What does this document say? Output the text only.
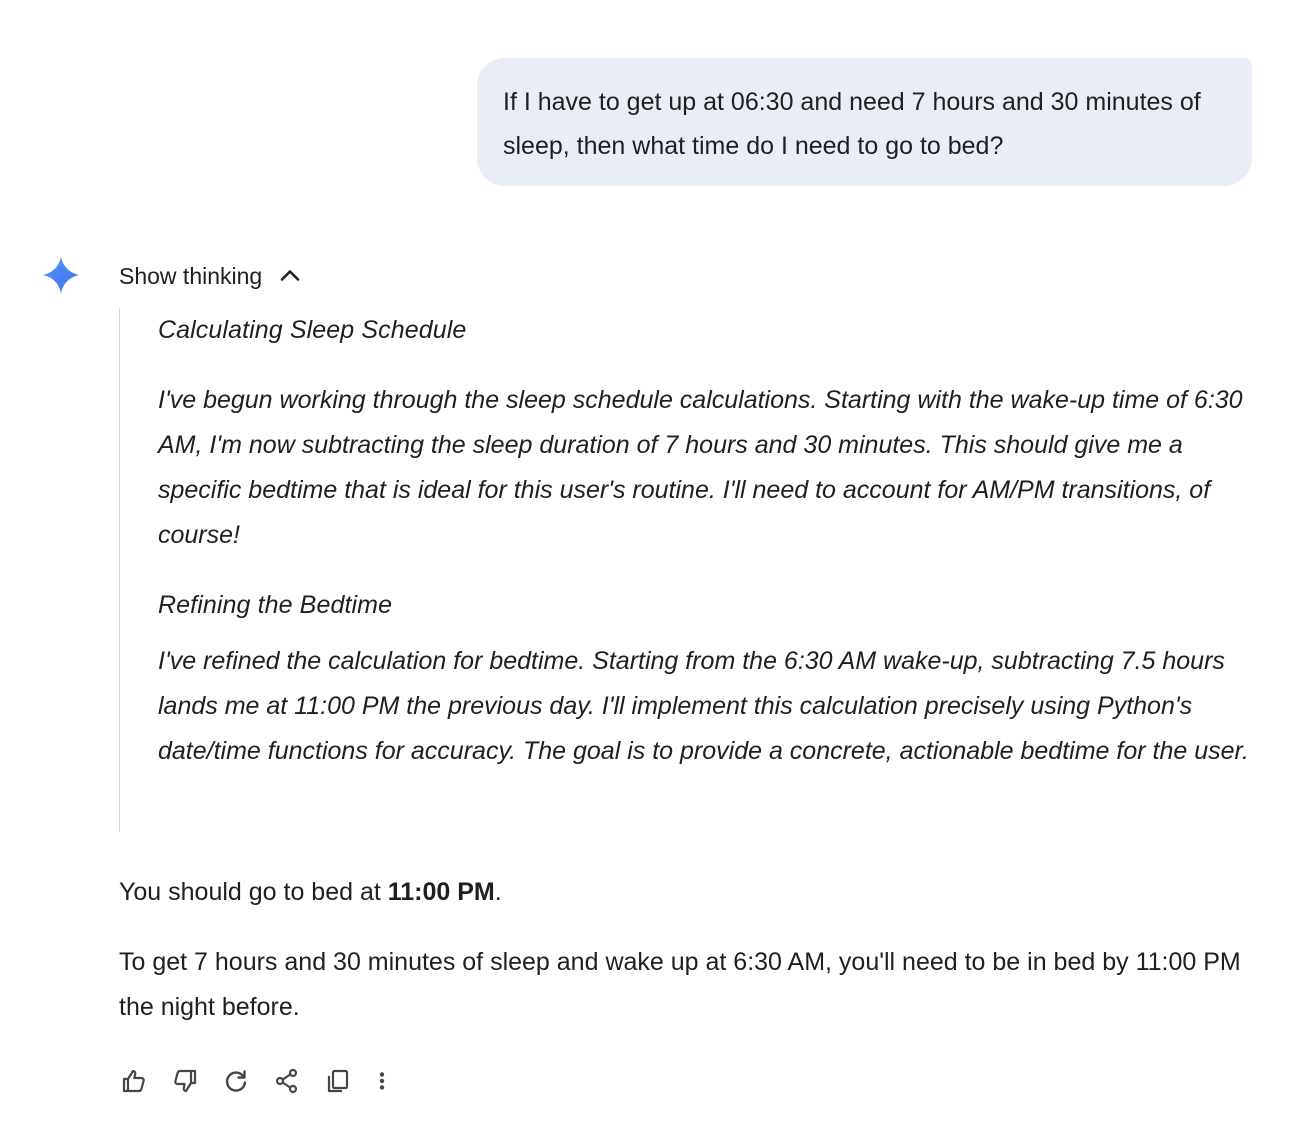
If I have to get up at 06:30 and need 7 hours and 30 minutes of sleep, then what time do I need to go to bed?
Show thinking
Calculating Sleep Schedule

I've begun working through the sleep schedule calculations. Starting with the wake-up time of 6:30 AM, I'm now subtracting the sleep duration of 7 hours and 30 minutes. This should give me a specific bedtime that is ideal for this user's routine. I'll need to account for AM/PM transitions, of course!

Refining the Bedtime

I've refined the calculation for bedtime. Starting from the 6:30 AM wake-up, subtracting 7.5 hours lands me at 11:00 PM the previous day. I'll implement this calculation precisely using Python's date/time functions for accuracy. The goal is to provide a concrete, actionable bedtime for the user.

You should go to bed at 11:00 PM.

To get 7 hours and 30 minutes of sleep and wake up at 6:30 AM, you'll need to be in bed by 11:00 PM the night before.
